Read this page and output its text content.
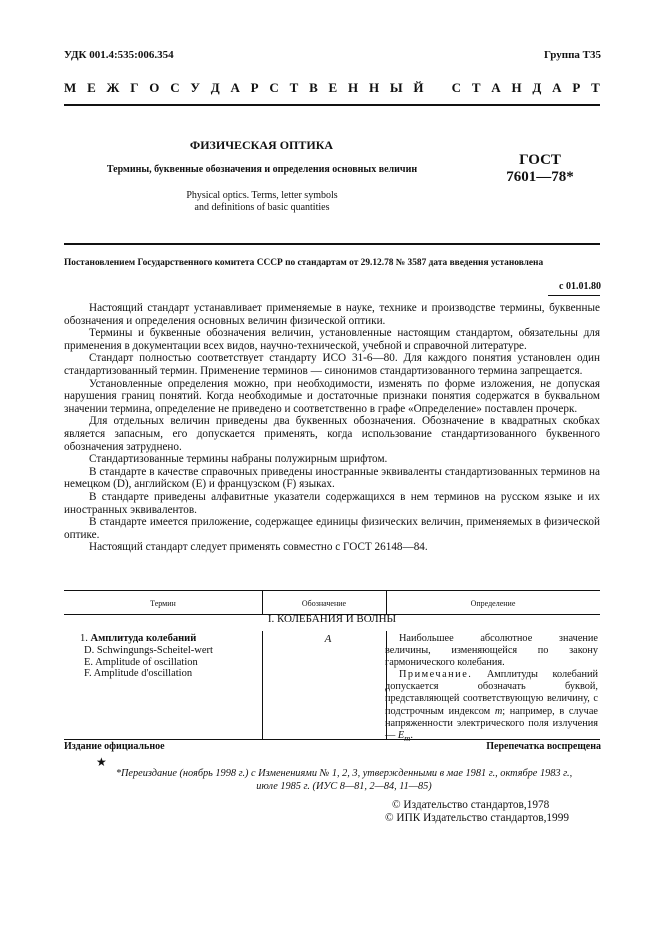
УДК 001.4:535:006.354	Группа Т35
М Е Ж Г О С У Д А Р С Т В Е Н Н Ы Й
С Т А Н Д А Р Т
ФИЗИЧЕСКАЯ ОПТИКА
Термины, буквенные обозначения и определения основных величин
Physical optics. Terms, letter symbols
and definitions of basic quantities
ГОСТ
7601—78*
Постановлением Государственного комитета СССР по стандартам от 29.12.78 № 3587 дата введения установлена
с 01.01.80

Настоящий стандарт устанавливает применяемые в науке, технике и производстве термины, буквенные обозначения и определения основных величин физической оптики.

Термины и буквенные обозначения величин, установленные настоящим стандартом, обязательны для применения в документации всех видов, научно-технической, учебной и справочной литературе.

Стандарт полностью соответствует стандарту ИСО 31-6—80. Для каждого понятия установлен один стандартизованный термин. Применение терминов — синонимов стандартизованного термина запрещается.

Установленные определения можно, при необходимости, изменять по форме изложения, не допуская нарушения границ понятий. Когда необходимые и достаточные признаки понятия содержатся в буквальном значении термина, определение не приведено и соответственно в графе «Определение» поставлен прочерк.

Для отдельных величин приведены два буквенных обозначения. Обозначение в квадратных скобках является запасным, его допускается применять, когда использование стандартизованного буквенного обозначения затруднено.

Стандартизованные термины набраны полужирным шрифтом.

В стандарте в качестве справочных приведены иностранные эквиваленты стандартизованных терминов на немецком (D), английском (Е) и французском (F) языках.

В стандарте приведены алфавитные указатели содержащихся в нем терминов на русском языке и их иностранных эквивалентов.

В стандарте имеется приложение, содержащее единицы физических величин, применяемых в физической оптике.

Настоящий стандарт следует применять совместно с ГОСТ 26148—84.

Термин	Обозначение	Определение
I. КОЛЕБАНИЯ И ВОЛНЫ
1. Амплитуда колебаний
D. Schwingungs-Scheitel-wert
E. Amplitude of oscillation
F. Amplitude d'oscillation
A	Наибольшее абсолютное значение величины, изменяющейся по закону гармонического колебания.

Примечание. Амплитуды колебаний допускается обозначать буквой, представляющей соответствующую величину, с подстрочным индексом m; например, в случае напряженности электрического поля излучения — $E_m$.

Издание официальное	Перепечатка воспрещена
★
*Переиздание (ноябрь 1998 г.) с Изменениями № 1, 2, 3, утвержденными в мае 1981 г., октябре 1983 г.,
июле 1985 г. (ИУС 8—81, 2—84, 11—85)
© Издательство стандартов,1978
© ИПК Издательство стандартов,1999
